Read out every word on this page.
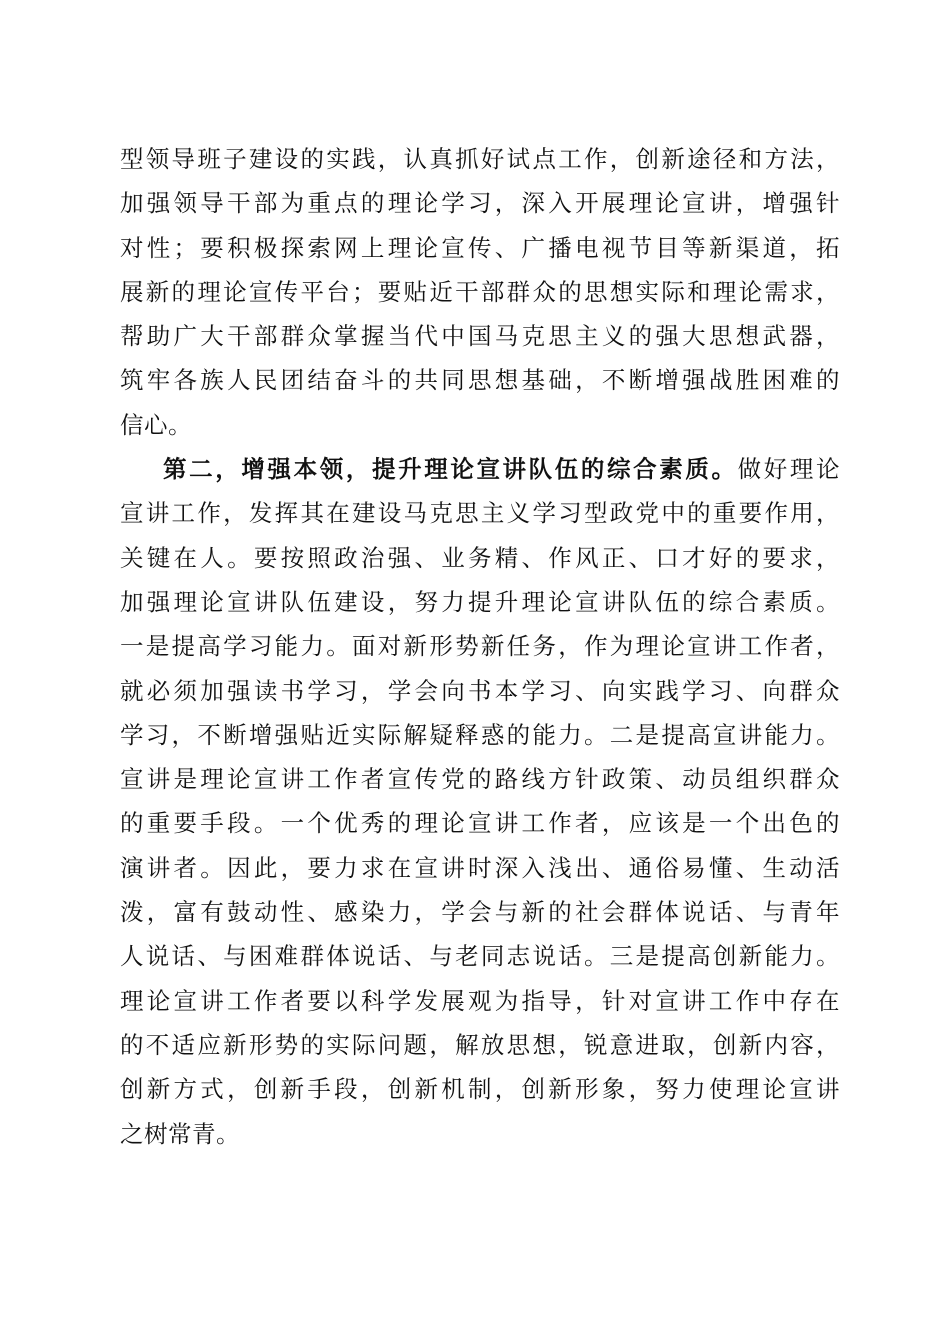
型领导班子建设的实践，认真抓好试点工作，创新途径和方法，
加强领导干部为重点的理论学习，深入开展理论宣讲，增强针
对性；要积极探索网上理论宣传、广播电视节目等新渠道，拓
展新的理论宣传平台；要贴近干部群众的思想实际和理论需求，
帮助广大干部群众掌握当代中国马克思主义的强大思想武器，
筑牢各族人民团结奋斗的共同思想基础，不断增强战胜困难的
信心。
第二，增强本领，提升理论宣讲队伍的综合素质。做好理论
宣讲工作，发挥其在建设马克思主义学习型政党中的重要作用，
关键在人。要按照政治强、业务精、作风正、口才好的要求，
加强理论宣讲队伍建设，努力提升理论宣讲队伍的综合素质。
一是提高学习能力。面对新形势新任务，作为理论宣讲工作者，
就必须加强读书学习，学会向书本学习、向实践学习、向群众
学习，不断增强贴近实际解疑释惑的能力。二是提高宣讲能力。
宣讲是理论宣讲工作者宣传党的路线方针政策、动员组织群众
的重要手段。一个优秀的理论宣讲工作者，应该是一个出色的
演讲者。因此，要力求在宣讲时深入浅出、通俗易懂、生动活
泼，富有鼓动性、感染力，学会与新的社会群体说话、与青年
人说话、与困难群体说话、与老同志说话。三是提高创新能力。
理论宣讲工作者要以科学发展观为指导，针对宣讲工作中存在
的不适应新形势的实际问题，解放思想，锐意进取，创新内容，
创新方式，创新手段，创新机制，创新形象，努力使理论宣讲
之树常青。
